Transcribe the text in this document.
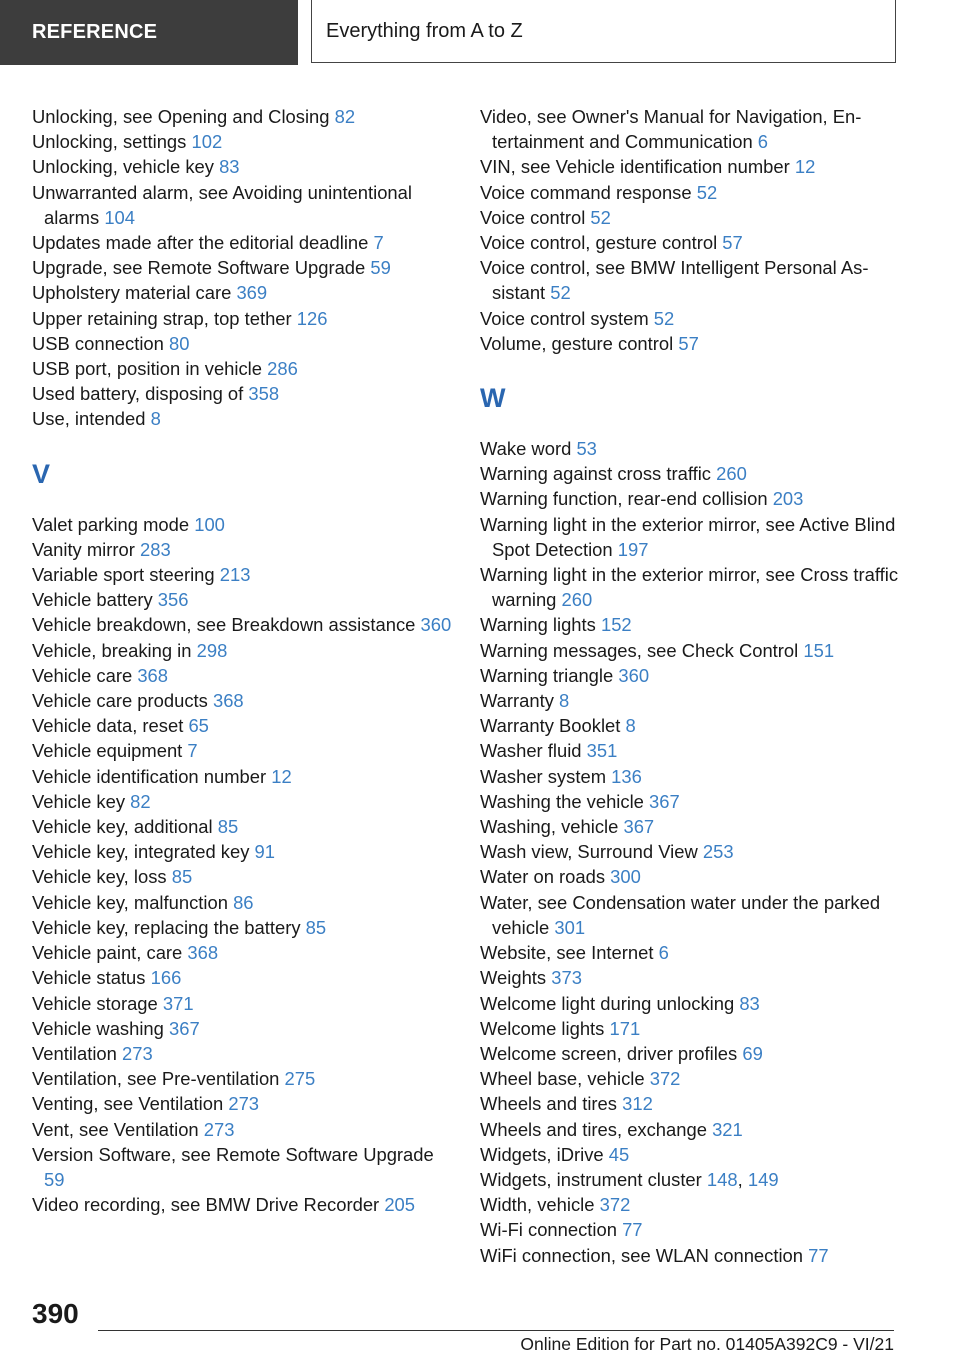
REFERENCE	Everything from A to Z
Unlocking, see Opening and Closing 82
Unlocking, settings 102
Unlocking, vehicle key 83
Unwarranted alarm, see Avoiding unintentional alarms 104
Updates made after the editorial deadline 7
Upgrade, see Remote Software Upgrade 59
Upholstery material care 369
Upper retaining strap, top tether 126
USB connection 80
USB port, position in vehicle 286
Used battery, disposing of 358
Use, intended 8
V
Valet parking mode 100
Vanity mirror 283
Variable sport steering 213
Vehicle battery 356
Vehicle breakdown, see Breakdown assistance 360
Vehicle, breaking in 298
Vehicle care 368
Vehicle care products 368
Vehicle data, reset 65
Vehicle equipment 7
Vehicle identification number 12
Vehicle key 82
Vehicle key, additional 85
Vehicle key, integrated key 91
Vehicle key, loss 85
Vehicle key, malfunction 86
Vehicle key, replacing the battery 85
Vehicle paint, care 368
Vehicle status 166
Vehicle storage 371
Vehicle washing 367
Ventilation 273
Ventilation, see Pre-ventilation 275
Venting, see Ventilation 273
Vent, see Ventilation 273
Version Software, see Remote Software Upgrade 59
Video recording, see BMW Drive Recorder 205
Video, see Owner's Manual for Navigation, Entertainment and Communication 6
VIN, see Vehicle identification number 12
Voice command response 52
Voice control 52
Voice control, gesture control 57
Voice control, see BMW Intelligent Personal Assistant 52
Voice control system 52
Volume, gesture control 57
W
Wake word 53
Warning against cross traffic 260
Warning function, rear-end collision 203
Warning light in the exterior mirror, see Active Blind Spot Detection 197
Warning light in the exterior mirror, see Cross traffic warning 260
Warning lights 152
Warning messages, see Check Control 151
Warning triangle 360
Warranty 8
Warranty Booklet 8
Washer fluid 351
Washer system 136
Washing the vehicle 367
Washing, vehicle 367
Wash view, Surround View 253
Water on roads 300
Water, see Condensation water under the parked vehicle 301
Website, see Internet 6
Weights 373
Welcome light during unlocking 83
Welcome lights 171
Welcome screen, driver profiles 69
Wheel base, vehicle 372
Wheels and tires 312
Wheels and tires, exchange 321
Widgets, iDrive 45
Widgets, instrument cluster 148, 149
Width, vehicle 372
Wi-Fi connection 77
WiFi connection, see WLAN connection 77
390
Online Edition for Part no. 01405A392C9 - VI/21
